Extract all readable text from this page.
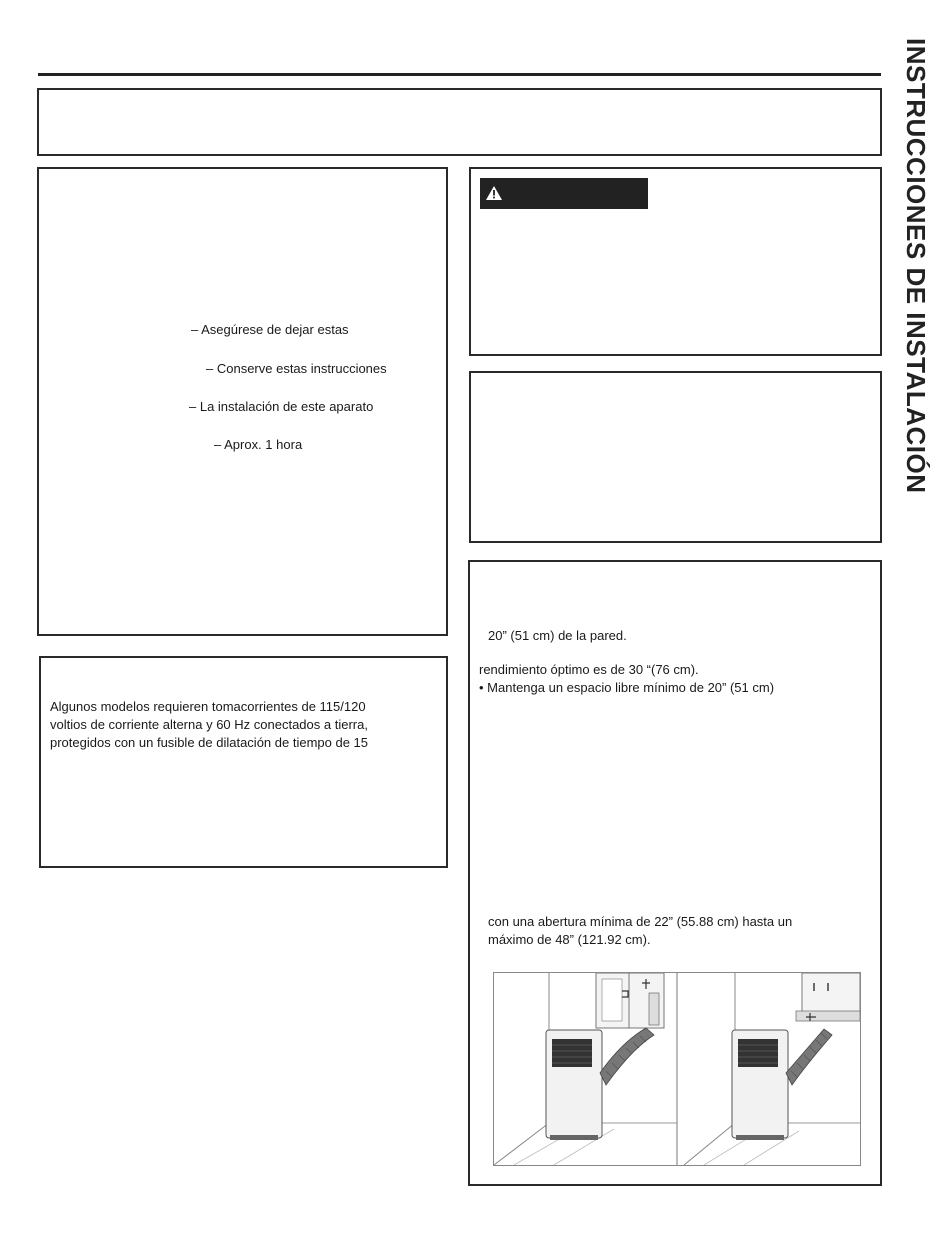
INSTRUCCIONES DE INSTALACIÓN
– Asegúrese de dejar estas
– Conserve estas instrucciones
– La instalación de este aparato
– Aprox. 1 hora
Algunos modelos requieren tomacorrientes de 115/120
voltios de corriente alterna y 60 Hz conectados a tierra,
protegidos con un fusible de dilatación de tiempo de 15
20” (51 cm) de la pared.
rendimiento óptimo es de 30 “(76 cm).
• Mantenga un espacio libre mínimo de 20” (51 cm)
con una abertura mínima de 22” (55.88 cm) hasta un
máximo de 48” (121.92 cm).
